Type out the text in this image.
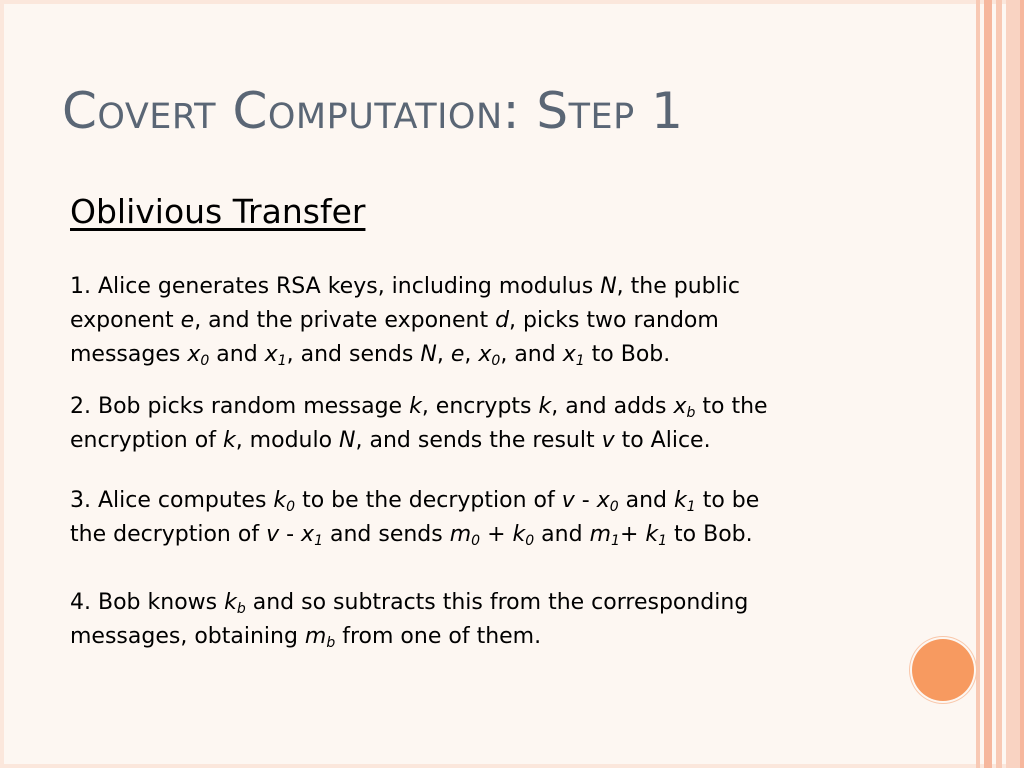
Covert Computation: Step 1
Oblivious Transfer

1. Alice generates RSA keys, including modulus N, the public exponent e, and the private exponent d, picks two random messages $x_0$ and $x_1$, and sends N, e, $x_0$, and $x_1$ to Bob.

2. Bob picks random message k, encrypts k, and adds $x_b$ to the encryption of k, modulo N, and sends the result v to Alice.

3. Alice computes $k_0$ to be the decryption of v - $x_0$ and $k_1$ to be the decryption of v - $x_1$ and sends $m_0 + k_0$ and $m_1+ k_1$ to Bob.

4. Bob knows $k_b$ and so subtracts this from the corresponding messages, obtaining $m_b$ from one of them.
